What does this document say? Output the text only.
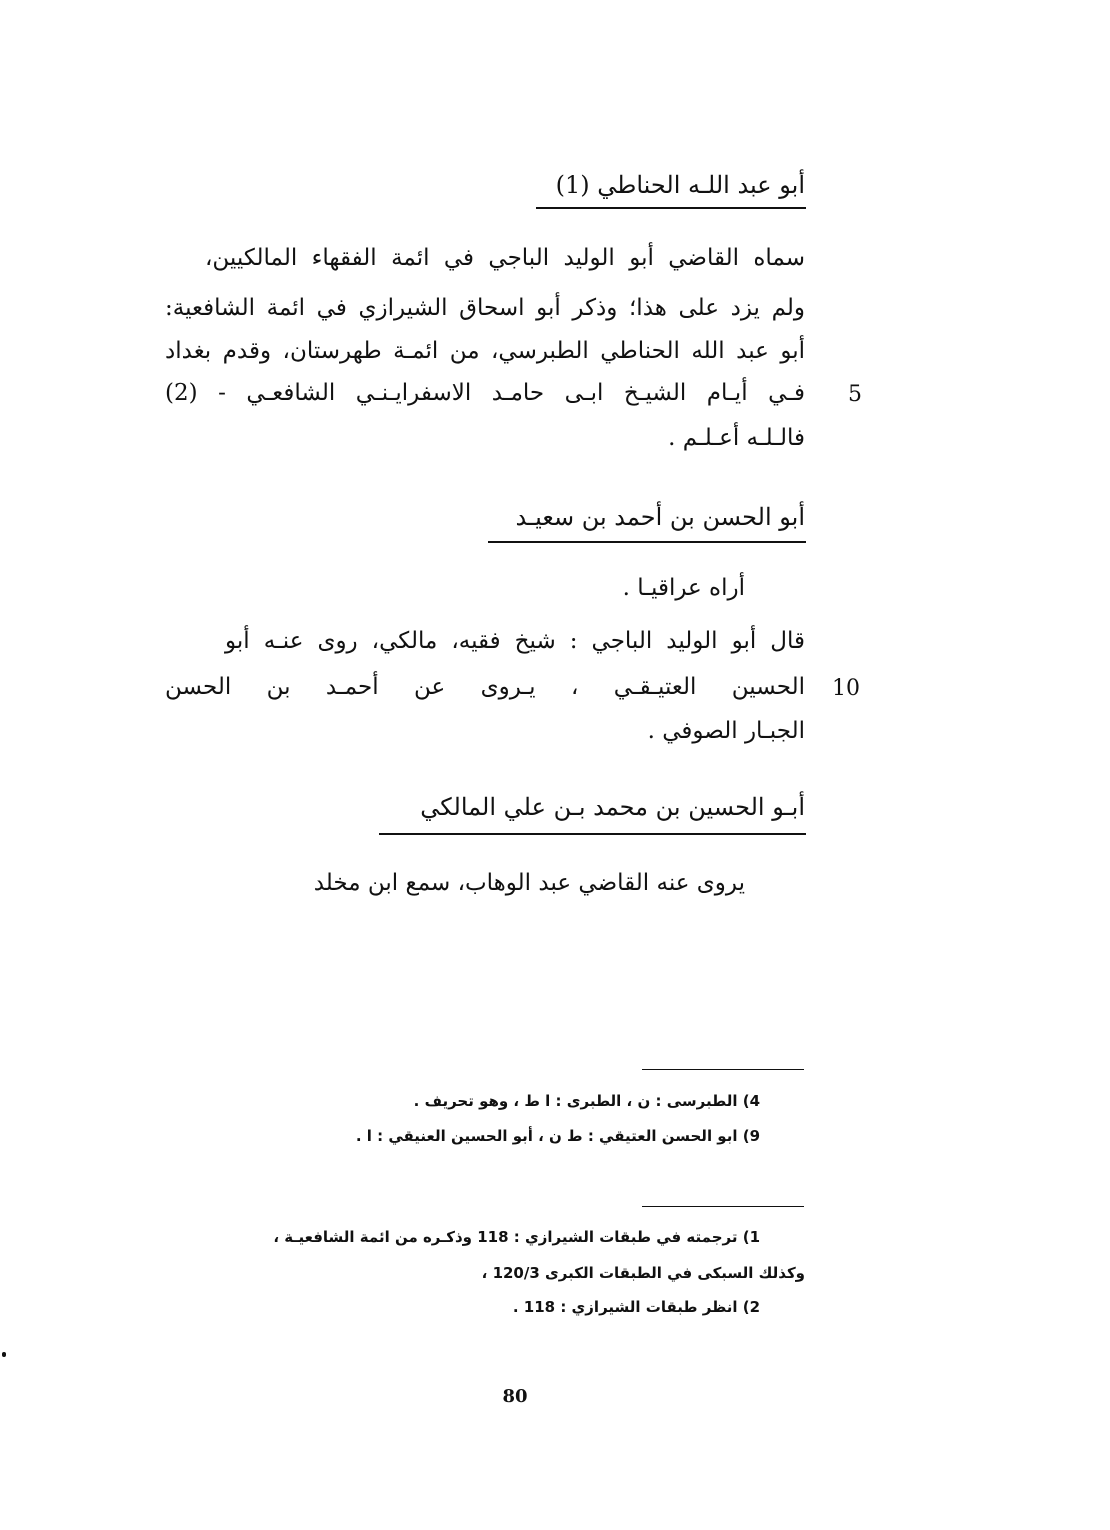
أبو عبد اللـه الحناطي (1)
سماه القاضي أبو الوليد الباجي في ائمة الفقهاء المالكيين،
ولم يزد على هذا؛ وذكر أبو اسحاق الشيرازي في ائمة الشافعية:
أبو عبد الله الحناطي الطبرسي، من ائمـة طهرستان، وقدم بغداد
فـي أيـام الشيـخ ابـى حامـد الاسفرايـنـي الشافعـي - (2) 5
فالـلـه أعـلـم .
أبو الحسن بن أحمد بن سعيـد
أراه عراقيـا .
قال أبو الوليد الباجي : شيخ فقيه، مالكي، روى عنـه أبو
الحسين العتيـقـي ، يـروى عن أحمـد بن الحسن 10
الجبـار الصوفي .
أبـو الحسين بن محمد بـن علي المالكي
يروى عنه القاضي عبد الوهاب، سمع ابن مخلد
4) الطبرسى : ن ، الطبرى : ا ط ، وهو تحريف .
9) ابو الحسن العتيقي : ط ن ، أبو الحسين العنيقي : ا .
1) ترجمته في طبقات الشيرازي : 118 وذكـره من ائمة الشافعيـة ،
وكذلك السبكى في الطبقات الكبرى 120/3 ،
2) انظر طبقات الشيرازي : 118 .
80
